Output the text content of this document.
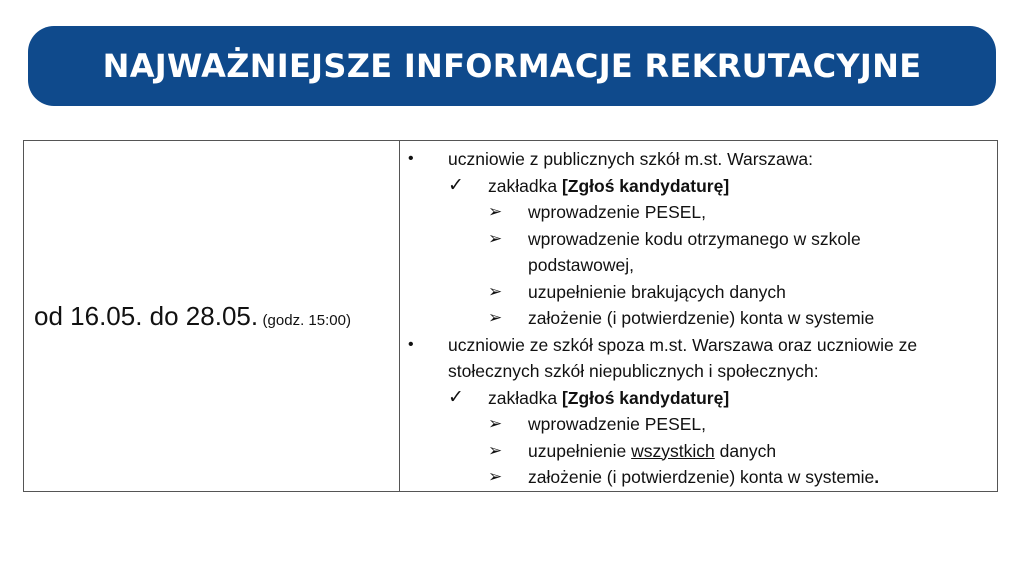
NAJWAŻNIEJSZE INFORMACJE REKRUTACYJNE
od 16.05. do 28.05. (godz. 15:00)

• uczniowie z publicznych szkół m.st. Warszawa:
✓ zakładka [Zgłoś kandydaturę]
➢ wprowadzenie PESEL,
➢ wprowadzenie kodu otrzymanego w szkole
podstawowej,
➢ uzupełnienie brakujących danych
➢ założenie (i potwierdzenie) konta w systemie
• uczniowie ze szkół spoza m.st. Warszawa oraz uczniowie ze
stołecznych szkół niepublicznych i społecznych:
✓ zakładka [Zgłoś kandydaturę]
➢ wprowadzenie PESEL,
➢ uzupełnienie wszystkich danych
➢ założenie (i potwierdzenie) konta w systemie.
